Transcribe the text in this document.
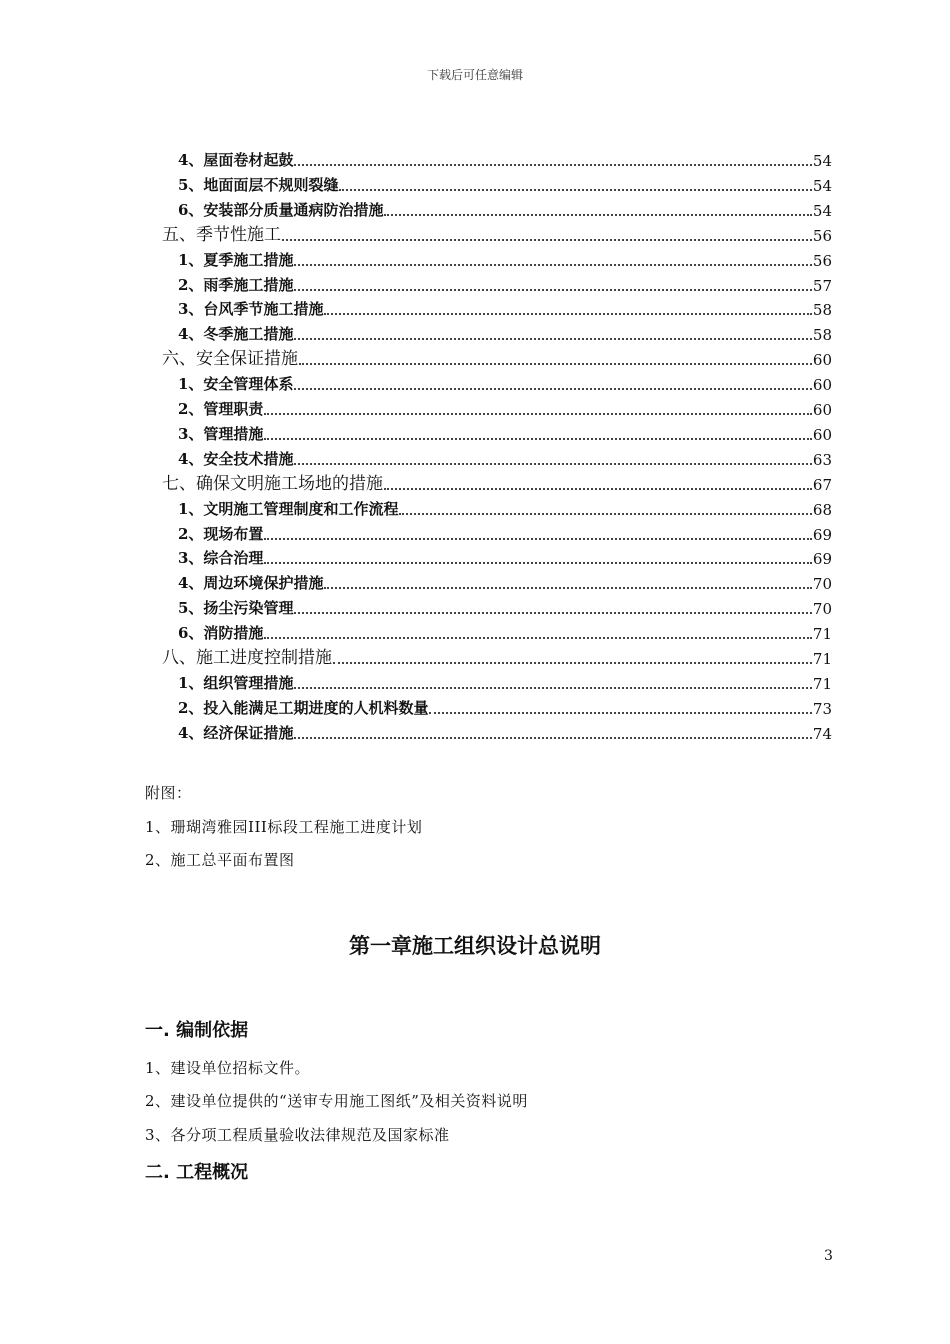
下载后可任意编辑
4、屋面卷材起鼓	54
5、地面面层不规则裂缝	54
6、安装部分质量通病防治措施	54
五、季节性施工	56
1、夏季施工措施	56
2、雨季施工措施	57
3、台风季节施工措施	58
4、冬季施工措施	58
六、安全保证措施	60
1、安全管理体系	60
2、管理职责	60
3、管理措施	60
4、安全技术措施	63
七、确保文明施工场地的措施	67
1、文明施工管理制度和工作流程	68
2、现场布置	69
3、综合治理	69
4、周边环境保护措施	70
5、扬尘污染管理	70
6、消防措施	71
八、施工进度控制措施	71
1、组织管理措施	71
2、投入能满足工期进度的人机料数量	73
4、经济保证措施	74
附图：
1、珊瑚湾雅园III标段工程施工进度计划
2、施工总平面布置图
第一章施工组织设计总说明
一. 编制依据
1、建设单位招标文件。
2、建设单位提供的“送审专用施工图纸”及相关资料说明
3、各分项工程质量验收法律规范及国家标准
二. 工程概况
3
